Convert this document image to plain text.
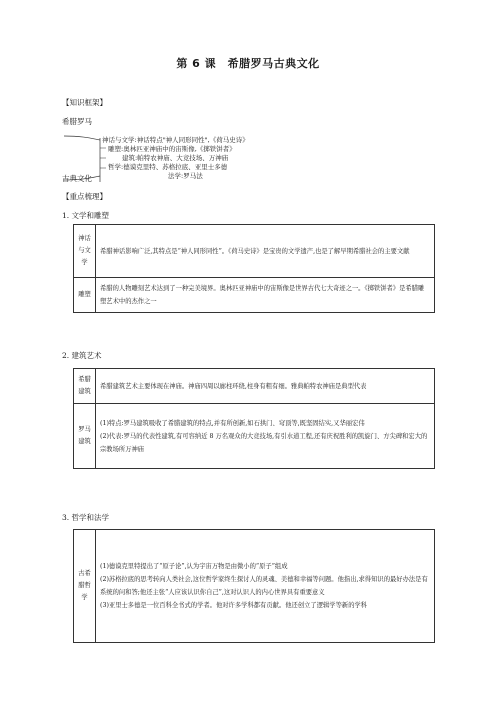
第 6 课　希腊罗马古典文化
【知识框架】
希腊罗马
神话与文学:神话特点"神人同形同性",《荷马史诗》
雕塑:奥林匹亚神庙中的宙斯像,《掷铁饼者》
建筑:帕特农神庙、大竞技场、万神庙
哲学:德谟克里特、苏格拉底、亚里士多德
法学:罗马法
古典文化
【重点梳理】
1. 文学和雕塑
神话与文学	希腊神话影响广泛,其特点是“神人同形同性”。《荷马史诗》是宝贵的文学遗产,也是了解早期希腊社会的主要文献

雕塑	希腊的人物雕刻艺术达到了一种完美境界。奥林匹亚神庙中的宙斯像是世界古代七大奇迹之一。《掷铁饼者》是希腊雕塑艺术中的杰作之一
2. 建筑艺术
希腊建筑	希腊建筑艺术主要体现在神庙。神庙四周以廊柱环绕,柱身有粗有细。雅典帕特农神庙是典型代表

罗马建筑	(1)特点:罗马建筑吸收了希腊建筑的特点,并有所创新,如石拱门、穹顶等,既坚固结实,又华丽宏伟
(2)代表:罗马的代表性建筑,有可容纳近 8 万名观众的大竞技场,有引水道工程,还有庆祝胜利的凯旋门、方尖碑和宏大的宗教场所万神庙
3. 哲学和法学
古希腊哲学	
(1)德谟克里特提出了“原子论”,认为宇宙万物是由微小的“原子”组成
(2)苏格拉底的思考转向人类社会,这位哲学家终生探讨人的灵魂、美德和幸福等问题。他指出,求得知识的最好办法是有系统的问和答;他还主张“人应该认识你自己”,这对认识人的内心世界具有重要意义
(3)亚里士多德是一位百科全书式的学者。他对许多学科都有贡献。他还创立了逻辑学等新的学科
